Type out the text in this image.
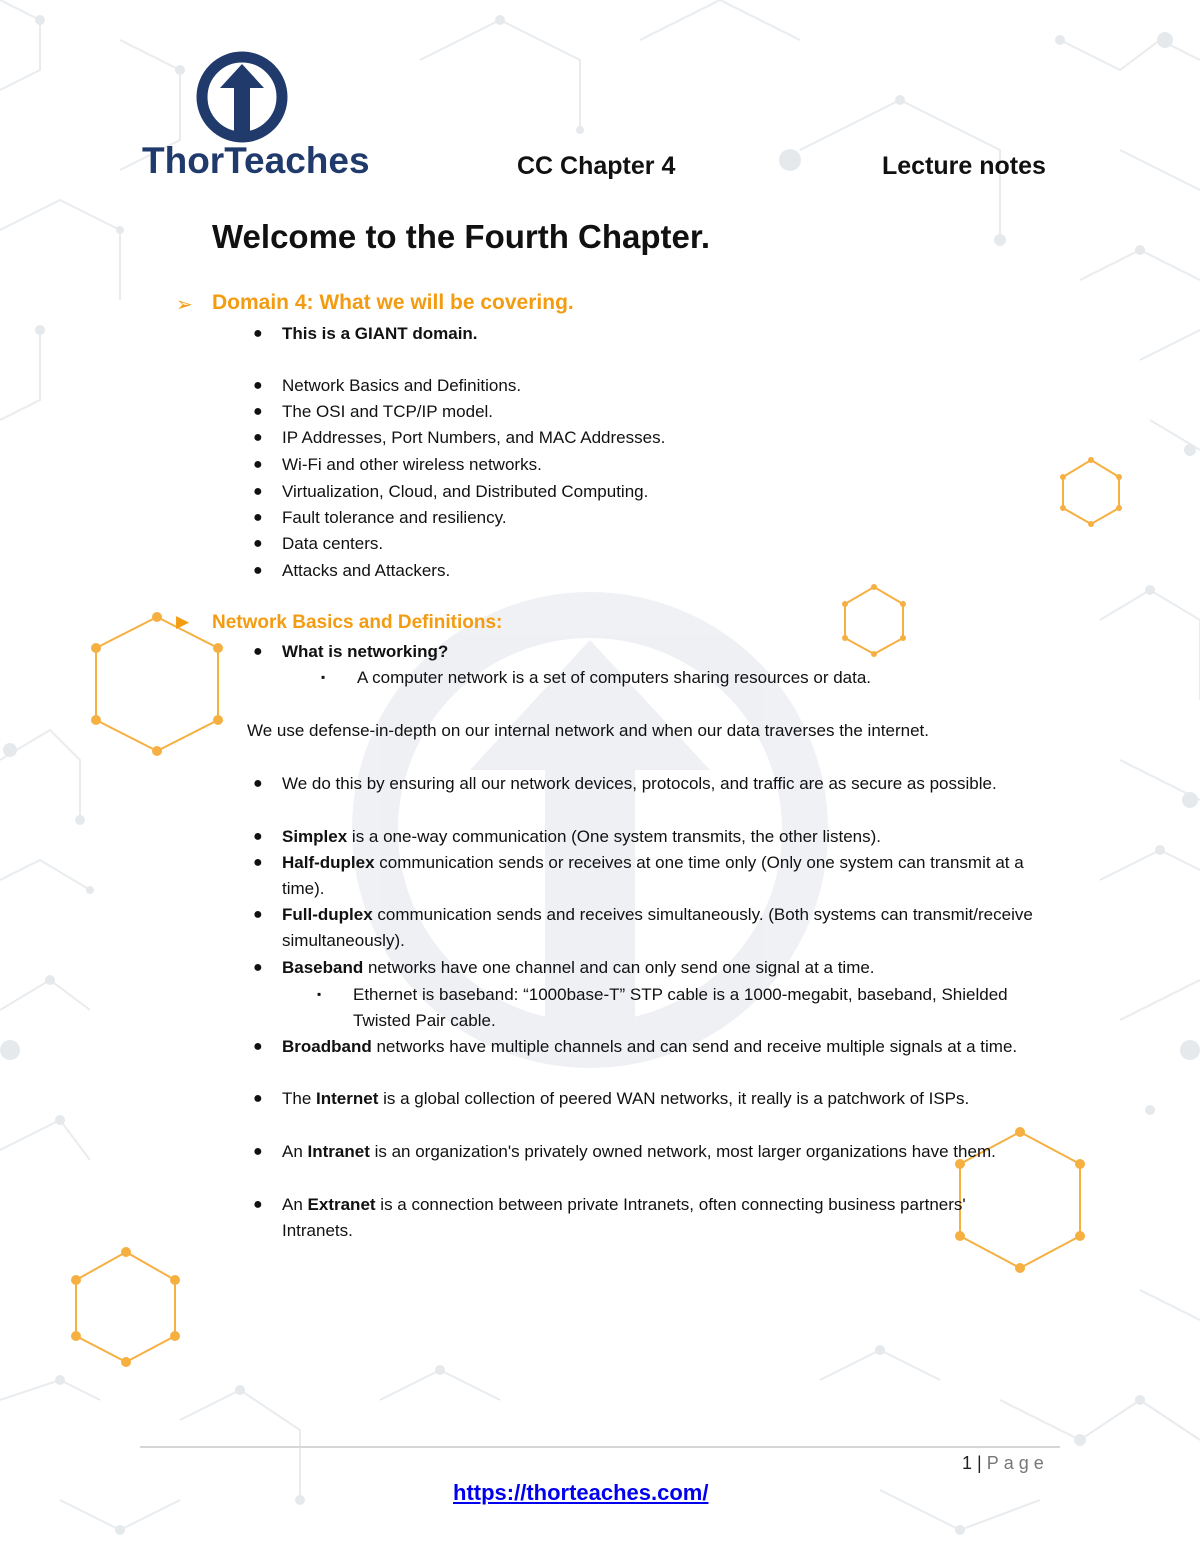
ThorTeaches	CC Chapter 4	Lecture notes
Welcome to the Fourth Chapter.
➢ Domain 4: What we will be covering.
● This is a GIANT domain.
● Network Basics and Definitions.
● The OSI and TCP/IP model.
● IP Addresses, Port Numbers, and MAC Addresses.
● Wi-Fi and other wireless networks.
● Virtualization, Cloud, and Distributed Computing.
● Fault tolerance and resiliency.
● Data centers.
● Attacks and Attackers.
▶ Network Basics and Definitions:
● What is networking?
▪ A computer network is a set of computers sharing resources or data.
We use defense-in-depth on our internal network and when our data traverses the internet.
● We do this by ensuring all our network devices, protocols, and traffic are as secure as possible.
● Simplex is a one-way communication (One system transmits, the other listens).
● Half-duplex communication sends or receives at one time only (Only one system can transmit at a time).
● Full-duplex communication sends and receives simultaneously. (Both systems can transmit/receive simultaneously).
● Baseband networks have one channel and can only send one signal at a time.
▪ Ethernet is baseband: “1000base-T” STP cable is a 1000-megabit, baseband, Shielded Twisted Pair cable.
● Broadband networks have multiple channels and can send and receive multiple signals at a time.
● The Internet is a global collection of peered WAN networks, it really is a patchwork of ISPs.
● An Intranet is an organization's privately owned network, most larger organizations have them.
● An Extranet is a connection between private Intranets, often connecting business partners' Intranets.
1 | Page
https://thorteaches.com/
